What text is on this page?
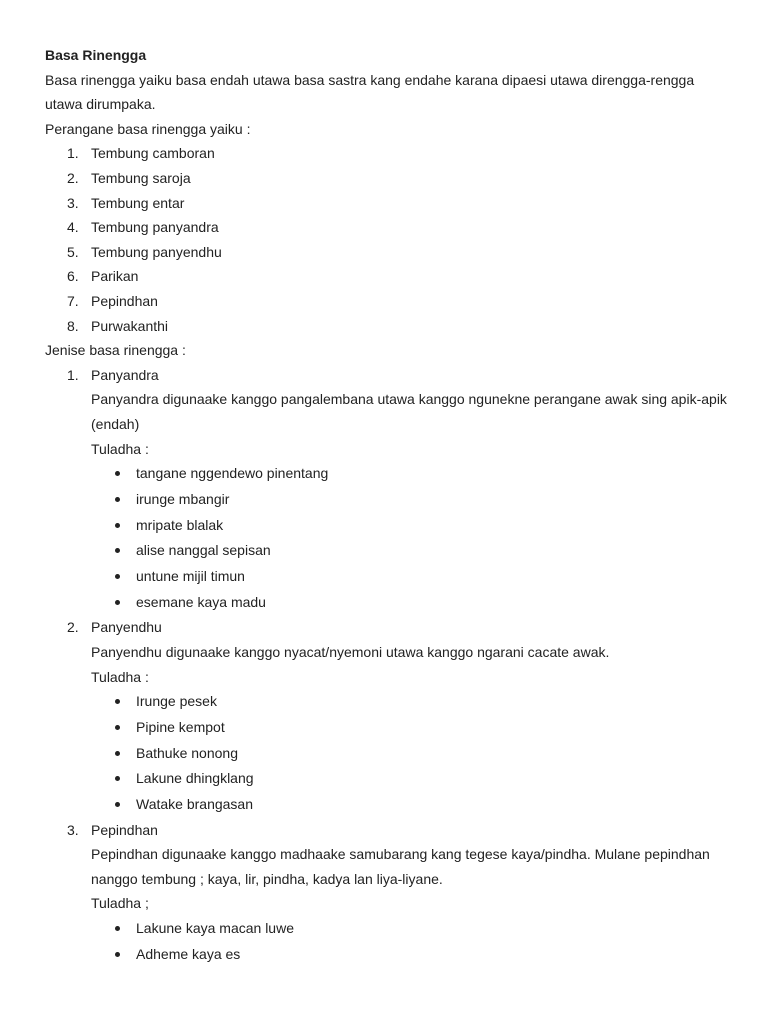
Basa Rinengga

Basa rinengga yaiku basa endah utawa basa sastra kang endahe karana dipaesi utawa direngga-rengga utawa dirumpaka.

Perangane basa rinengga yaiku :

1. Tembung camboran
2. Tembung saroja
3. Tembung entar
4. Tembung panyandra
5. Tembung panyendhu
6. Parikan
7. Pepindhan
8. Purwakanthi

Jenise basa rinengga :

1. Panyandra

Panyandra digunaake kanggo pangalembana utawa kanggo ngunekne perangane awak sing apik-apik (endah)

Tuladha :

tangane nggendewo pinentang
irunge mbangir
mripate blalak
alise nanggal sepisan
untune mijil timun
esemane kaya madu
2. Panyendhu

Panyendhu digunaake kanggo nyacat/nyemoni utawa kanggo ngarani cacate awak.

Tuladha :

Irunge pesek
Pipine kempot
Bathuke nonong
Lakune dhingklang
Watake brangasan
3. Pepindhan

Pepindhan digunaake kanggo madhaake samubarang kang tegese kaya/pindha. Mulane pepindhan nanggo tembung ; kaya, lir, pindha, kadya lan liya-liyane.

Tuladha ;

Lakune kaya macan luwe
Adheme kaya es
